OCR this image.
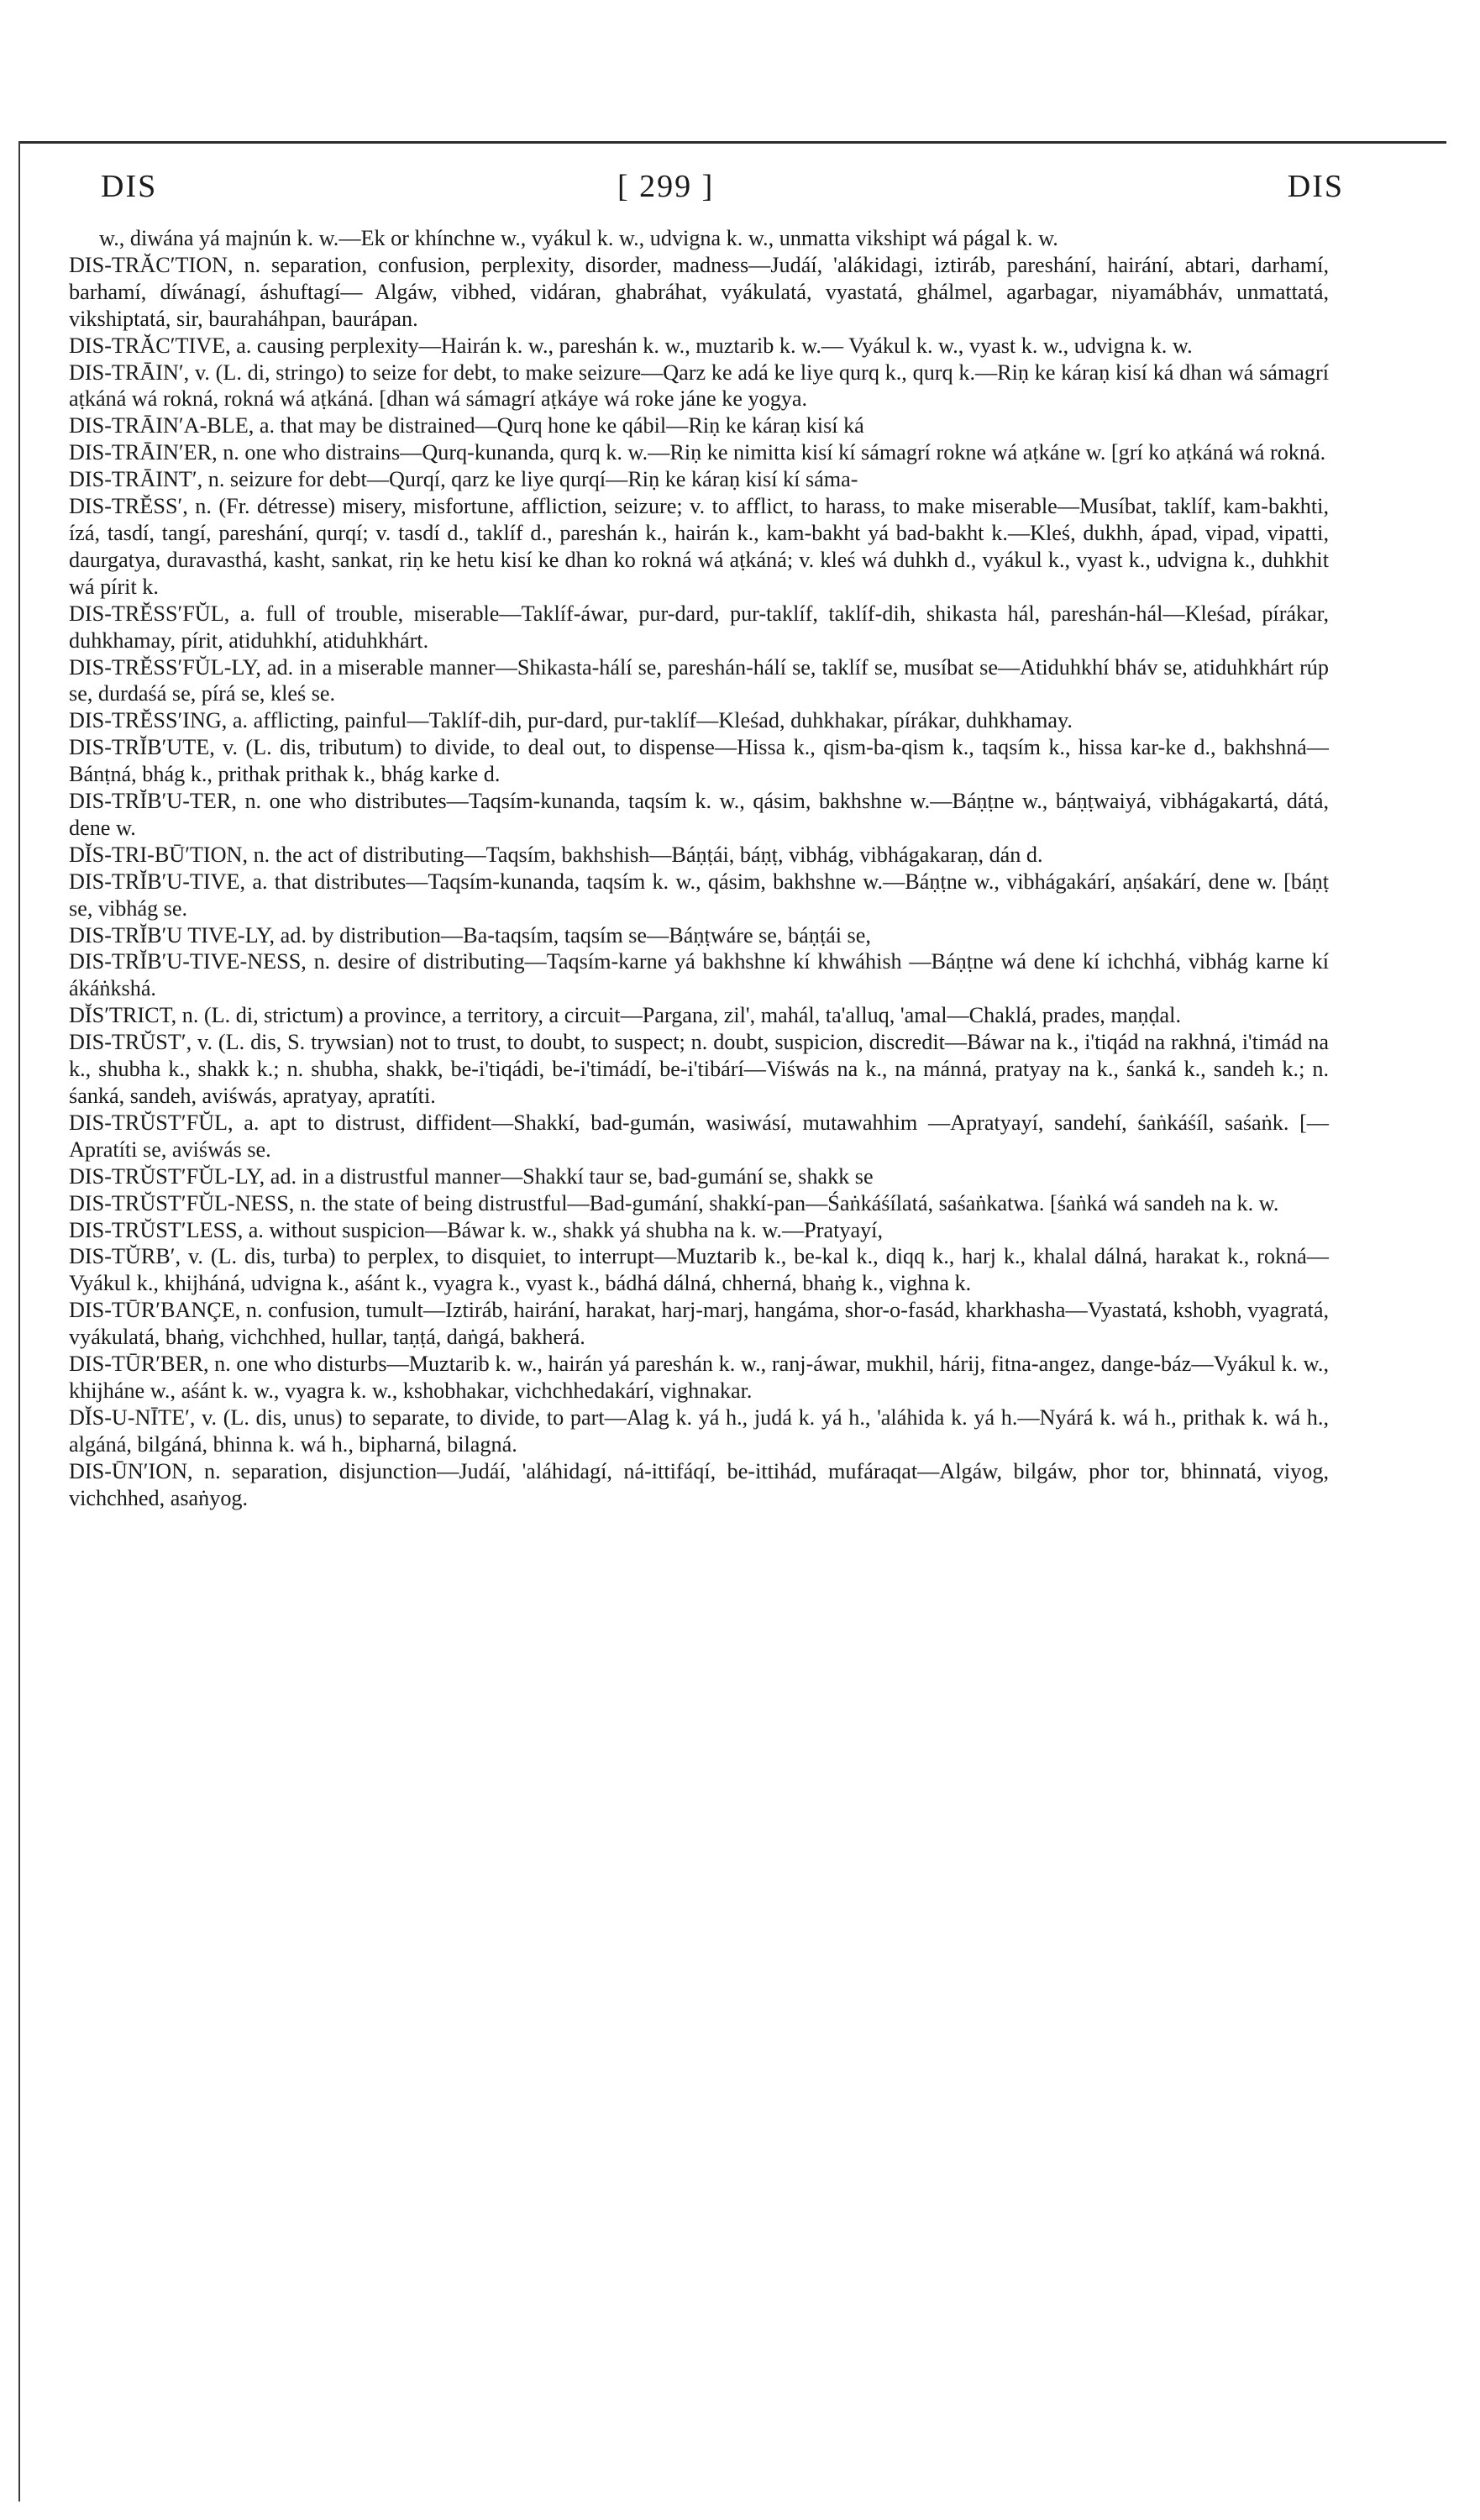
DIS	[ 299 ]	DIS

w., diwána yá majnún k. w.—Ek or khínchne w., vyákul k. w., udvigna k. w., unmatta vikshipt wá págal k. w.

DIS-TRĂC′TION, n. separation, confusion, perplexity, disorder, madness—Judáí, 'alákidagi, iztiráb, pareshání, hairání, abtari, darhamí, barhamí, díwánagí, áshuftagí— Algáw, vibhed, vidáran, ghabráhat, vyákulatá, vyastatá, ghálmel, agarbagar, niyamábháv, unmattatá, vikshiptatá, sir, bauraháhpan, baurápan.

DIS-TRĂC′TIVE, a. causing perplexity—Hairán k. w., pareshán k. w., muztarib k. w.— Vyákul k. w., vyast k. w., udvigna k. w.

DIS-TRĀIN′, v. (L. di, stringo) to seize for debt, to make seizure—Qarz ke adá ke liye qurq k., qurq k.—Riṇ ke káraṇ kisí ká dhan wá sámagrí aṭkáná wá rokná, rokná wá aṭkáná. [dhan wá sámagrí aṭkáye wá roke jáne ke yogya.

DIS-TRĀIN′A-BLE, a. that may be distrained—Qurq hone ke qábil—Riṇ ke káraṇ kisí ká

DIS-TRĀIN′ER, n. one who distrains—Qurq-kunanda, qurq k. w.—Riṇ ke nimitta kisí kí sámagrí rokne wá aṭkáne w. [grí ko aṭkáná wá rokná.

DIS-TRĀINT′, n. seizure for debt—Qurqí, qarz ke liye qurqí—Riṇ ke káraṇ kisí kí sáma-

DIS-TRĔSS′, n. (Fr. détresse) misery, misfortune, affliction, seizure; v. to afflict, to harass, to make miserable—Musíbat, taklíf, kam-bakhti, ízá, tasdí, tangí, pareshání, qurqí; v. tasdí d., taklíf d., pareshán k., hairán k., kam-bakht yá bad-bakht k.—Kleś, dukhh, ápad, vipad, vipatti, daurgatya, duravasthá, kasht, sankat, riṇ ke hetu kisí ke dhan ko rokná wá aṭkáná; v. kleś wá duhkh d., vyákul k., vyast k., udvigna k., duhkhit wá pírit k.

DIS-TRĔSS′FŬL, a. full of trouble, miserable—Taklíf-áwar, pur-dard, pur-taklíf, taklíf-dih, shikasta hál, pareshán-hál—Kleśad, pírákar, duhkhamay, pírit, atiduhkhí, atiduhkhárt.

DIS-TRĔSS′FŬL-LY, ad. in a miserable manner—Shikasta-hálí se, pareshán-hálí se, taklíf se, musíbat se—Atiduhkhí bháv se, atiduhkhárt rúp se, durdaśá se, pírá se, kleś se.

DIS-TRĔSS′ING, a. afflicting, painful—Taklíf-dih, pur-dard, pur-taklíf—Kleśad, duhkhakar, pírákar, duhkhamay.

DIS-TRĬB′UTE, v. (L. dis, tributum) to divide, to deal out, to dispense—Hissa k., qism-ba-qism k., taqsím k., hissa kar-ke d., bakhshná—Bánṭná, bhág k., prithak prithak k., bhág karke d.

DIS-TRĬB′U-TER, n. one who distributes—Taqsím-kunanda, taqsím k. w., qásim, bakhshne w.—Báṇṭne w., báṇṭwaiyá, vibhágakartá, dátá, dene w.

DĬS-TRI-BŪ′TION, n. the act of distributing—Taqsím, bakhshish—Báṇṭái, báṇṭ, vibhág, vibhágakaraṇ, dán d.

DIS-TRĬB′U-TIVE, a. that distributes—Taqsím-kunanda, taqsím k. w., qásim, bakhshne w.—Báṇṭne w., vibhágakárí, aṇśakárí, dene w. [báṇṭ se, vibhág se.

DIS-TRĬB′U TIVE-LY, ad. by distribution—Ba-taqsím, taqsím se—Báṇṭwáre se, báṇṭái se,

DIS-TRĬB′U-TIVE-NESS, n. desire of distributing—Taqsím-karne yá bakhshne kí khwáhish —Báṇṭne wá dene kí ichchhá, vibhág karne kí ákáṅkshá.

DĬS′TRICT, n. (L. di, strictum) a province, a territory, a circuit—Pargana, zil', mahál, ta'alluq, 'amal—Chaklá, prades, maṇḍal.

DIS-TRŬST′, v. (L. dis, S. trywsian) not to trust, to doubt, to suspect; n. doubt, suspicion, discredit—Báwar na k., i'tiqád na rakhná, i'timád na k., shubha k., shakk k.; n. shubha, shakk, be-i'tiqádi, be-i'timádí, be-i'tibárí—Viśwás na k., na mánná, pratyay na k., śanká k., sandeh k.; n. śanká, sandeh, aviśwás, apratyay, apratíti.

DIS-TRŬST′FŬL, a. apt to distrust, diffident—Shakkí, bad-gumán, wasiwásí, mutawahhim —Apratyayí, sandehí, śaṅkáśíl, saśaṅk. [—Apratíti se, aviśwás se.

DIS-TRŬST′FŬL-LY, ad. in a distrustful manner—Shakkí taur se, bad-gumání se, shakk se

DIS-TRŬST′FŬL-NESS, n. the state of being distrustful—Bad-gumání, shakkí-pan—Śaṅkáśílatá, saśaṅkatwa. [śaṅká wá sandeh na k. w.

DIS-TRŬST′LESS, a. without suspicion—Báwar k. w., shakk yá shubha na k. w.—Pratyayí,

DIS-TŬRB′, v. (L. dis, turba) to perplex, to disquiet, to interrupt—Muztarib k., be-kal k., diqq k., harj k., khalal dálná, harakat k., rokná—Vyákul k., khijháná, udvigna k., aśánt k., vyagra k., vyast k., bádhá dálná, chherná, bhaṅg k., vighna k.

DIS-TŪR′BANÇE, n. confusion, tumult—Iztiráb, hairání, harakat, harj-marj, hangáma, shor-o-fasád, kharkhasha—Vyastatá, kshobh, vyagratá, vyákulatá, bhaṅg, vichchhed, hullar, taṇṭá, daṅgá, bakherá.

DIS-TŪR′BER, n. one who disturbs—Muztarib k. w., hairán yá pareshán k. w., ranj-áwar, mukhil, hárij, fitna-angez, dange-báz—Vyákul k. w., khijháne w., aśánt k. w., vyagra k. w., kshobhakar, vichchhedakárí, vighnakar.

DĬS-U-NĪTE′, v. (L. dis, unus) to separate, to divide, to part—Alag k. yá h., judá k. yá h., 'aláhida k. yá h.—Nyárá k. wá h., prithak k. wá h., algáná, bilgáná, bhinna k. wá h., bipharná, bilagná.

DIS-ŪN′ION, n. separation, disjunction—Judáí, 'aláhidagí, ná-ittifáqí, be-ittihád, mufáraqat—Algáw, bilgáw, phor tor, bhinnatá, viyog, vichchhed, asaṅyog.
